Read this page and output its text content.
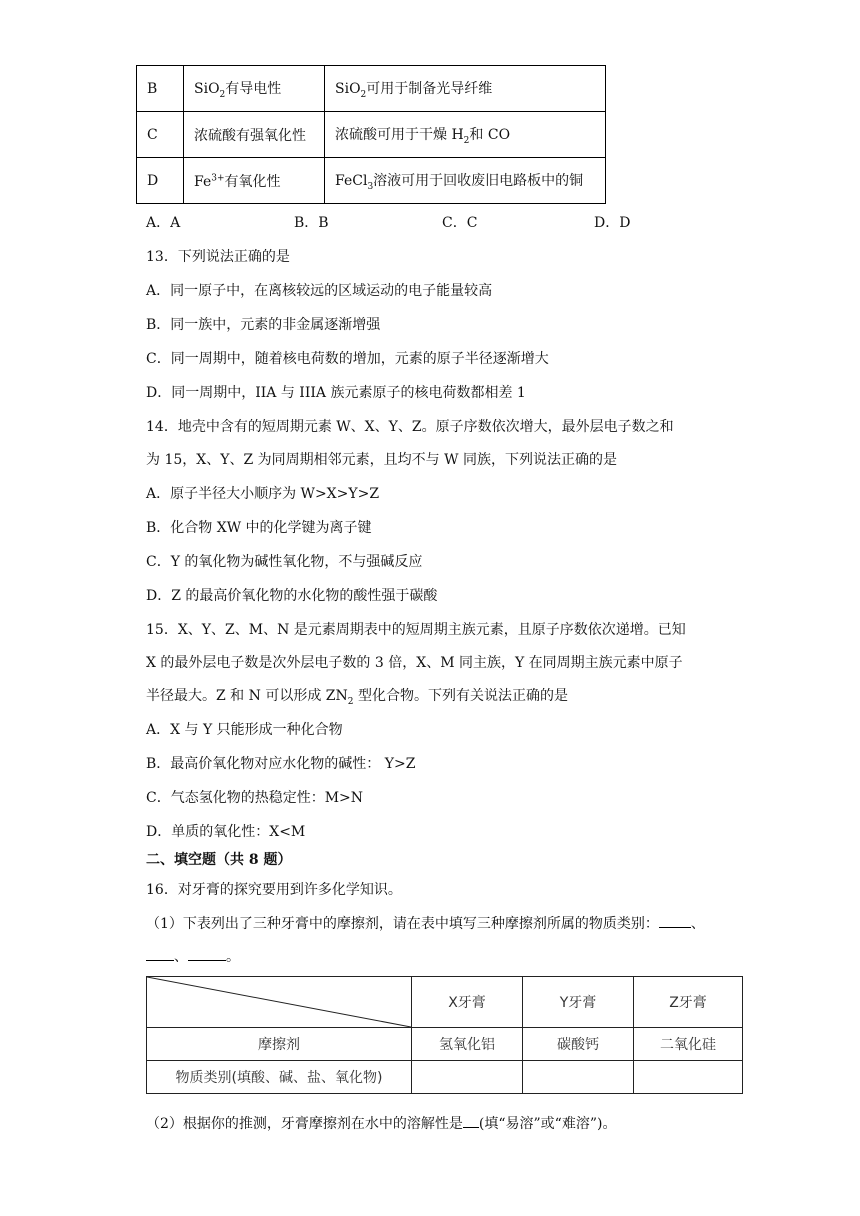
B	SiO$_2$有导电性	SiO$_2$可用于制备光导纤维
C	浓硫酸有强氧化性	浓硫酸可用于干燥 $H_2$和 CO
D	$Fe^{3+}$有氧化性	FeCl$_3$溶液可用于回收废旧电路板中的铜
A．A	B．B	C．C	D．D
13．下列说法正确的是
A．同一原子中，在离核较远的区域运动的电子能量较高
B．同一族中，元素的非金属逐渐增强
C．同一周期中，随着核电荷数的增加，元素的原子半径逐渐增大
D．同一周期中，IIA 与 IIIA 族元素原子的核电荷数都相差 1
14．地壳中含有的短周期元素 W、X、Y、Z。原子序数依次增大，最外层电子数之和
为 15，X、Y、Z 为同周期相邻元素，且均不与 W 同族，下列说法正确的是
A．原子半径大小顺序为 W>X>Y>Z
B．化合物 XW 中的化学键为离子键
C．Y 的氧化物为碱性氧化物，不与强碱反应
D．Z 的最高价氧化物的水化物的酸性强于碳酸
15．X、Y、Z、M、N 是元素周期表中的短周期主族元素，且原子序数依次递增。已知
X 的最外层电子数是次外层电子数的 3 倍，X、M 同主族，Y 在同周期主族元素中原子
半径最大。Z 和 N 可以形成 $ZN_2$ 型化合物。下列有关说法正确的是
A．X 与 Y 只能形成一种化合物
B．最高价氧化物对应水化物的碱性： Y>Z
C．气态氢化物的热稳定性：M>N
D．单质的氧化性：X<M
二、填空题（共 8 题）
16．对牙膏的探究要用到许多化学知识。
（1）下表列出了三种牙膏中的摩擦剂，请在表中填写三种摩擦剂所属的物质类别： 、
、	。
	X牙膏	Y牙膏	Z牙膏
摩擦剂	氢氧化铝	碳酸钙	二氧化硅
物质类别(填酸、碱、盐、氧化物)			
（2）根据你的推测，牙膏摩擦剂在水中的溶解性是 (填“易溶”或“难溶”)。
